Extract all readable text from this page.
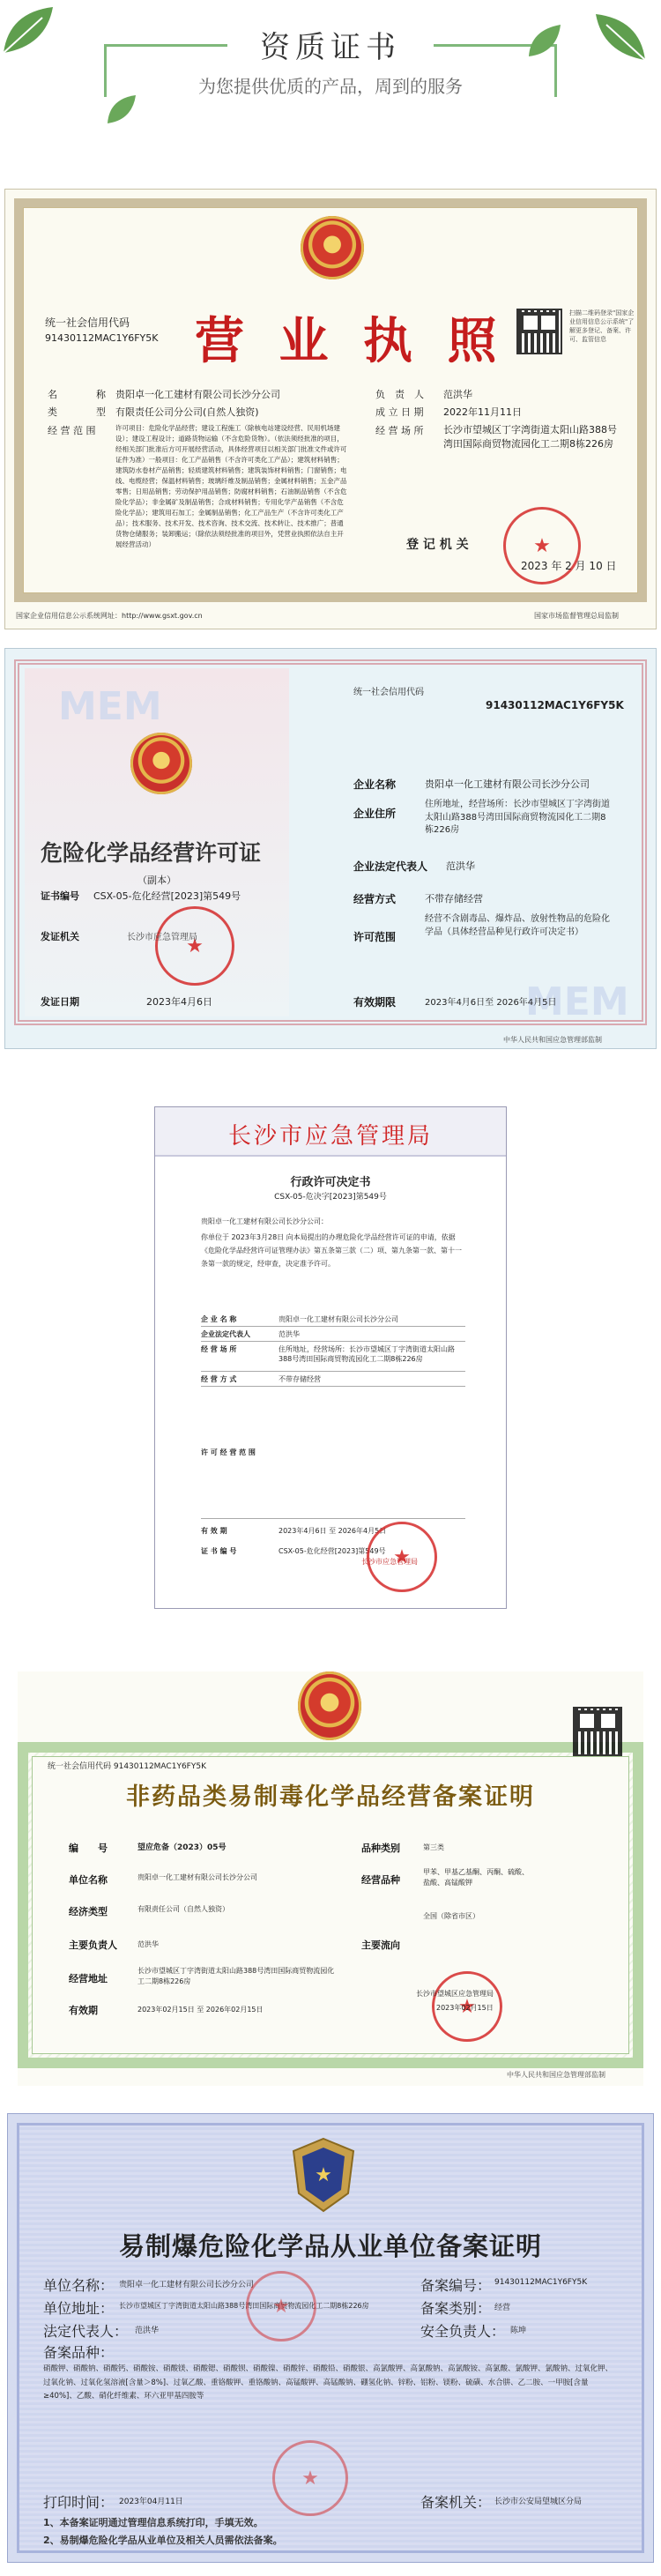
资质证书
为您提供优质的产品，周到的服务
统一社会信用代码
91430112MAC1Y6FY5K 营 业 执 照	扫描二维码登录"国家企业信用信息公示系统"了解更多登记、备案、许可、监管信息
名　　　　称 贵阳卓一化工建材有限公司长沙分公司
类　　　　型 有限责任公司分公司(自然人独资)
经 营 范 围	许可项目：危险化学品经营；建设工程施工（除核电站建设经营、民用机场建设）；建设工程设计；道路货物运输（不含危险货物）。（依法须经批准的项目，经相关部门批准后方可开展经营活动，具体经营项目以相关部门批准文件或许可证件为准）一般项目：化工产品销售（不含许可类化工产品）；建筑材料销售；建筑防水卷材产品销售；轻质建筑材料销售；建筑装饰材料销售；门窗销售；电线、电缆经营；保温材料销售；玻璃纤维及制品销售；金属材料销售；五金产品零售；日用品销售；劳动保护用品销售；防腐材料销售；石油制品销售（不含危险化学品）；非金属矿及制品销售；合成材料销售；专用化学产品销售（不含危险化学品）；建筑用石加工；金属制品销售；化工产品生产（不含许可类化工产品）；技术服务、技术开发、技术咨询、技术交流、技术转让、技术推广；普通货物仓储服务；装卸搬运；（除依法须经批准的项目外，凭营业执照依法自主开展经营活动）
负　责　人 范洪华
成 立 日 期 2022年11月11日
经 营 场 所 长沙市望城区丁字湾街道太阳山路388号湾田国际商贸物流园化工二期8栋226房
★
登 记 机 关
2023 年 2 月 10 日
国家企业信用信息公示系统网址：http://www.gsxt.gov.cn	国家市场监督管理总局监制
MEM
MEM
危险化学品经营许可证
（副本）
证书编号 CSX-05-危化经营[2023]第549号
发证机关
★	长沙市应急管理局
发证日期	2023年4月6日
统一社会信用代码
91430112MAC1Y6FY5K
企业名称	贵阳卓一化工建材有限公司长沙分公司
企业住所
住所地址，经营场所：长沙市望城区丁字湾街道太阳山路388号湾田国际商贸物流园化工二期8栋226房
企业法定代表人 范洪华
经营方式	不带存储经营
许可范围
经营不含剧毒品、爆炸品、放射性物品的危险化学品（具体经营品种见行政许可决定书）
有效期限	2023年4月6日至 2026年4月5日
中华人民共和国应急管理部监制
长沙市应急管理局
行政许可决定书
CSX-05-危决字[2023]第549号
贵阳卓一化工建材有限公司长沙分公司：
你单位于 2023年3月28日 向本局提出的办理危险化学品经营许可证的申请，依据《危险化学品经营许可证管理办法》第五条第三款（二）项、第九条第一款、第十一条第一款的规定，经审查，决定准予许可。
企 业 名 称	贵阳卓一化工建材有限公司长沙分公司
企业法定代表人	范洪华
经 营 场 所	住所地址，经营场所：长沙市望城区丁字湾街道太阳山路388号湾田国际商贸物流园化工二期8栋226房
经 营 方 式	不带存储经营
许 可 经 营 范 围
有 效 期	2023年4月6日 至 2026年4月5日
证 书 编 号	CSX-05-危化经营[2023]第549号
★
长沙市应急管理局
统一社会信用代码 91430112MAC1Y6FY5K
非药品类易制毒化学品经营备案证明
编　　号	望应危备（2023）05号
单位名称	贵阳卓一化工建材有限公司长沙分公司
经济类型	有限责任公司（自然人独资）
主要负责人	范洪华
经营地址
长沙市望城区丁字湾街道太阳山路388号湾田国际商贸物流园化工二期8栋226房
有效期	2023年02月15日 至 2026年02月15日
品种类别	第三类
经营品种
甲苯、甲基乙基酮、丙酮、硫酸、盐酸、高锰酸钾
主要流向
全国（除省市区）
★
长沙市望城区应急管理局
2023年02月15日
中华人民共和国应急管理部监制
★
易制爆危险化学品从业单位备案证明
单位名称： 贵阳卓一化工建材有限公司长沙分公司	备案编号： 91430112MAC1Y6FY5K
单位地址： 长沙市望城区丁字湾街道太阳山路388号湾田国际商贸物流园化工二期8栋226房	备案类别： 经营
法定代表人： 范洪华	安全负责人： 陈坤
备案品种：
硝酸钾、硝酸钠、硝酸钙、硝酸铵、硝酸镁、硝酸锶、硝酸钡、硝酸镍、硝酸锌、硝酸铅、硝酸银、高氯酸钾、高氯酸钠、高氯酸铵、高氯酸、氯酸钾、氯酸钠、过氧化钾、过氧化钠、过氧化氢溶液[含量＞8%]、过氧乙酸、重铬酸钾、重铬酸钠、高锰酸钾、高锰酸钠、硼氢化钠、锌粉、铝粉、镁粉、硫磺、水合肼、乙二胺、一甲胺[含量≥40%]、乙酸、硝化纤维素、环六亚甲基四胺等
★
★
打印时间： 2023年04月11日	备案机关： 长沙市公安局望城区分局
1、本备案证明通过管理信息系统打印，手填无效。
2、易制爆危险化学品从业单位及相关人员需依法备案。
